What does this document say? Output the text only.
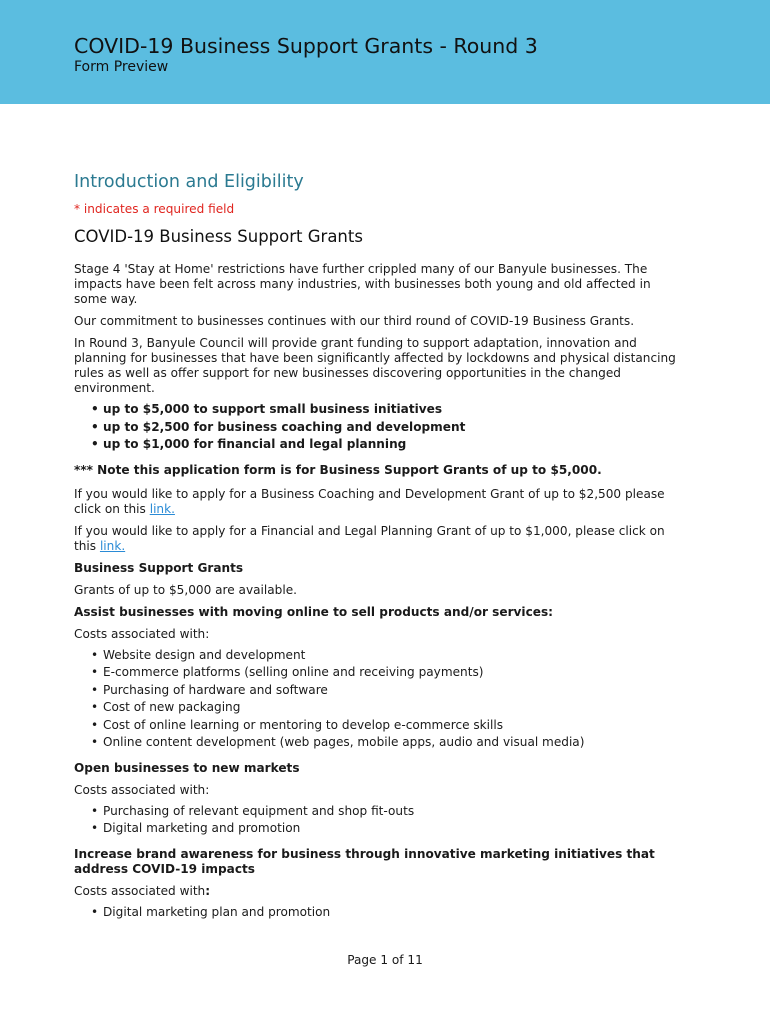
COVID-19 Business Support Grants - Round 3
Form Preview
Introduction and Eligibility
* indicates a required field
COVID-19 Business Support Grants

Stage 4 'Stay at Home' restrictions have further crippled many of our Banyule businesses. The impacts have been felt across many industries, with businesses both young and old affected in some way.

Our commitment to businesses continues with our third round of COVID-19 Business Grants.

In Round 3, Banyule Council will provide grant funding to support adaptation, innovation and planning for businesses that have been significantly affected by lockdowns and physical distancing rules as well as offer support for new businesses discovering opportunities in the changed environment.

• up to $5,000 to support small business initiatives
• up to $2,500 for business coaching and development
• up to $1,000 for financial and legal planning

*** Note this application form is for Business Support Grants of up to $5,000.

If you would like to apply for a Business Coaching and Development Grant of up to $2,500 please click on this link.

If you would like to apply for a Financial and Legal Planning Grant of up to $1,000, please click on this link.

Business Support Grants

Grants of up to $5,000 are available.

Assist businesses with moving online to sell products and/or services:

Costs associated with:

• Website design and development
• E-commerce platforms (selling online and receiving payments)
• Purchasing of hardware and software
• Cost of new packaging
• Cost of online learning or mentoring to develop e-commerce skills
• Online content development (web pages, mobile apps, audio and visual media)

Open businesses to new markets

Costs associated with:

• Purchasing of relevant equipment and shop fit-outs
• Digital marketing and promotion

Increase brand awareness for business through innovative marketing initiatives that address COVID-19 impacts

Costs associated with:

• Digital marketing plan and promotion
Page 1 of 11
